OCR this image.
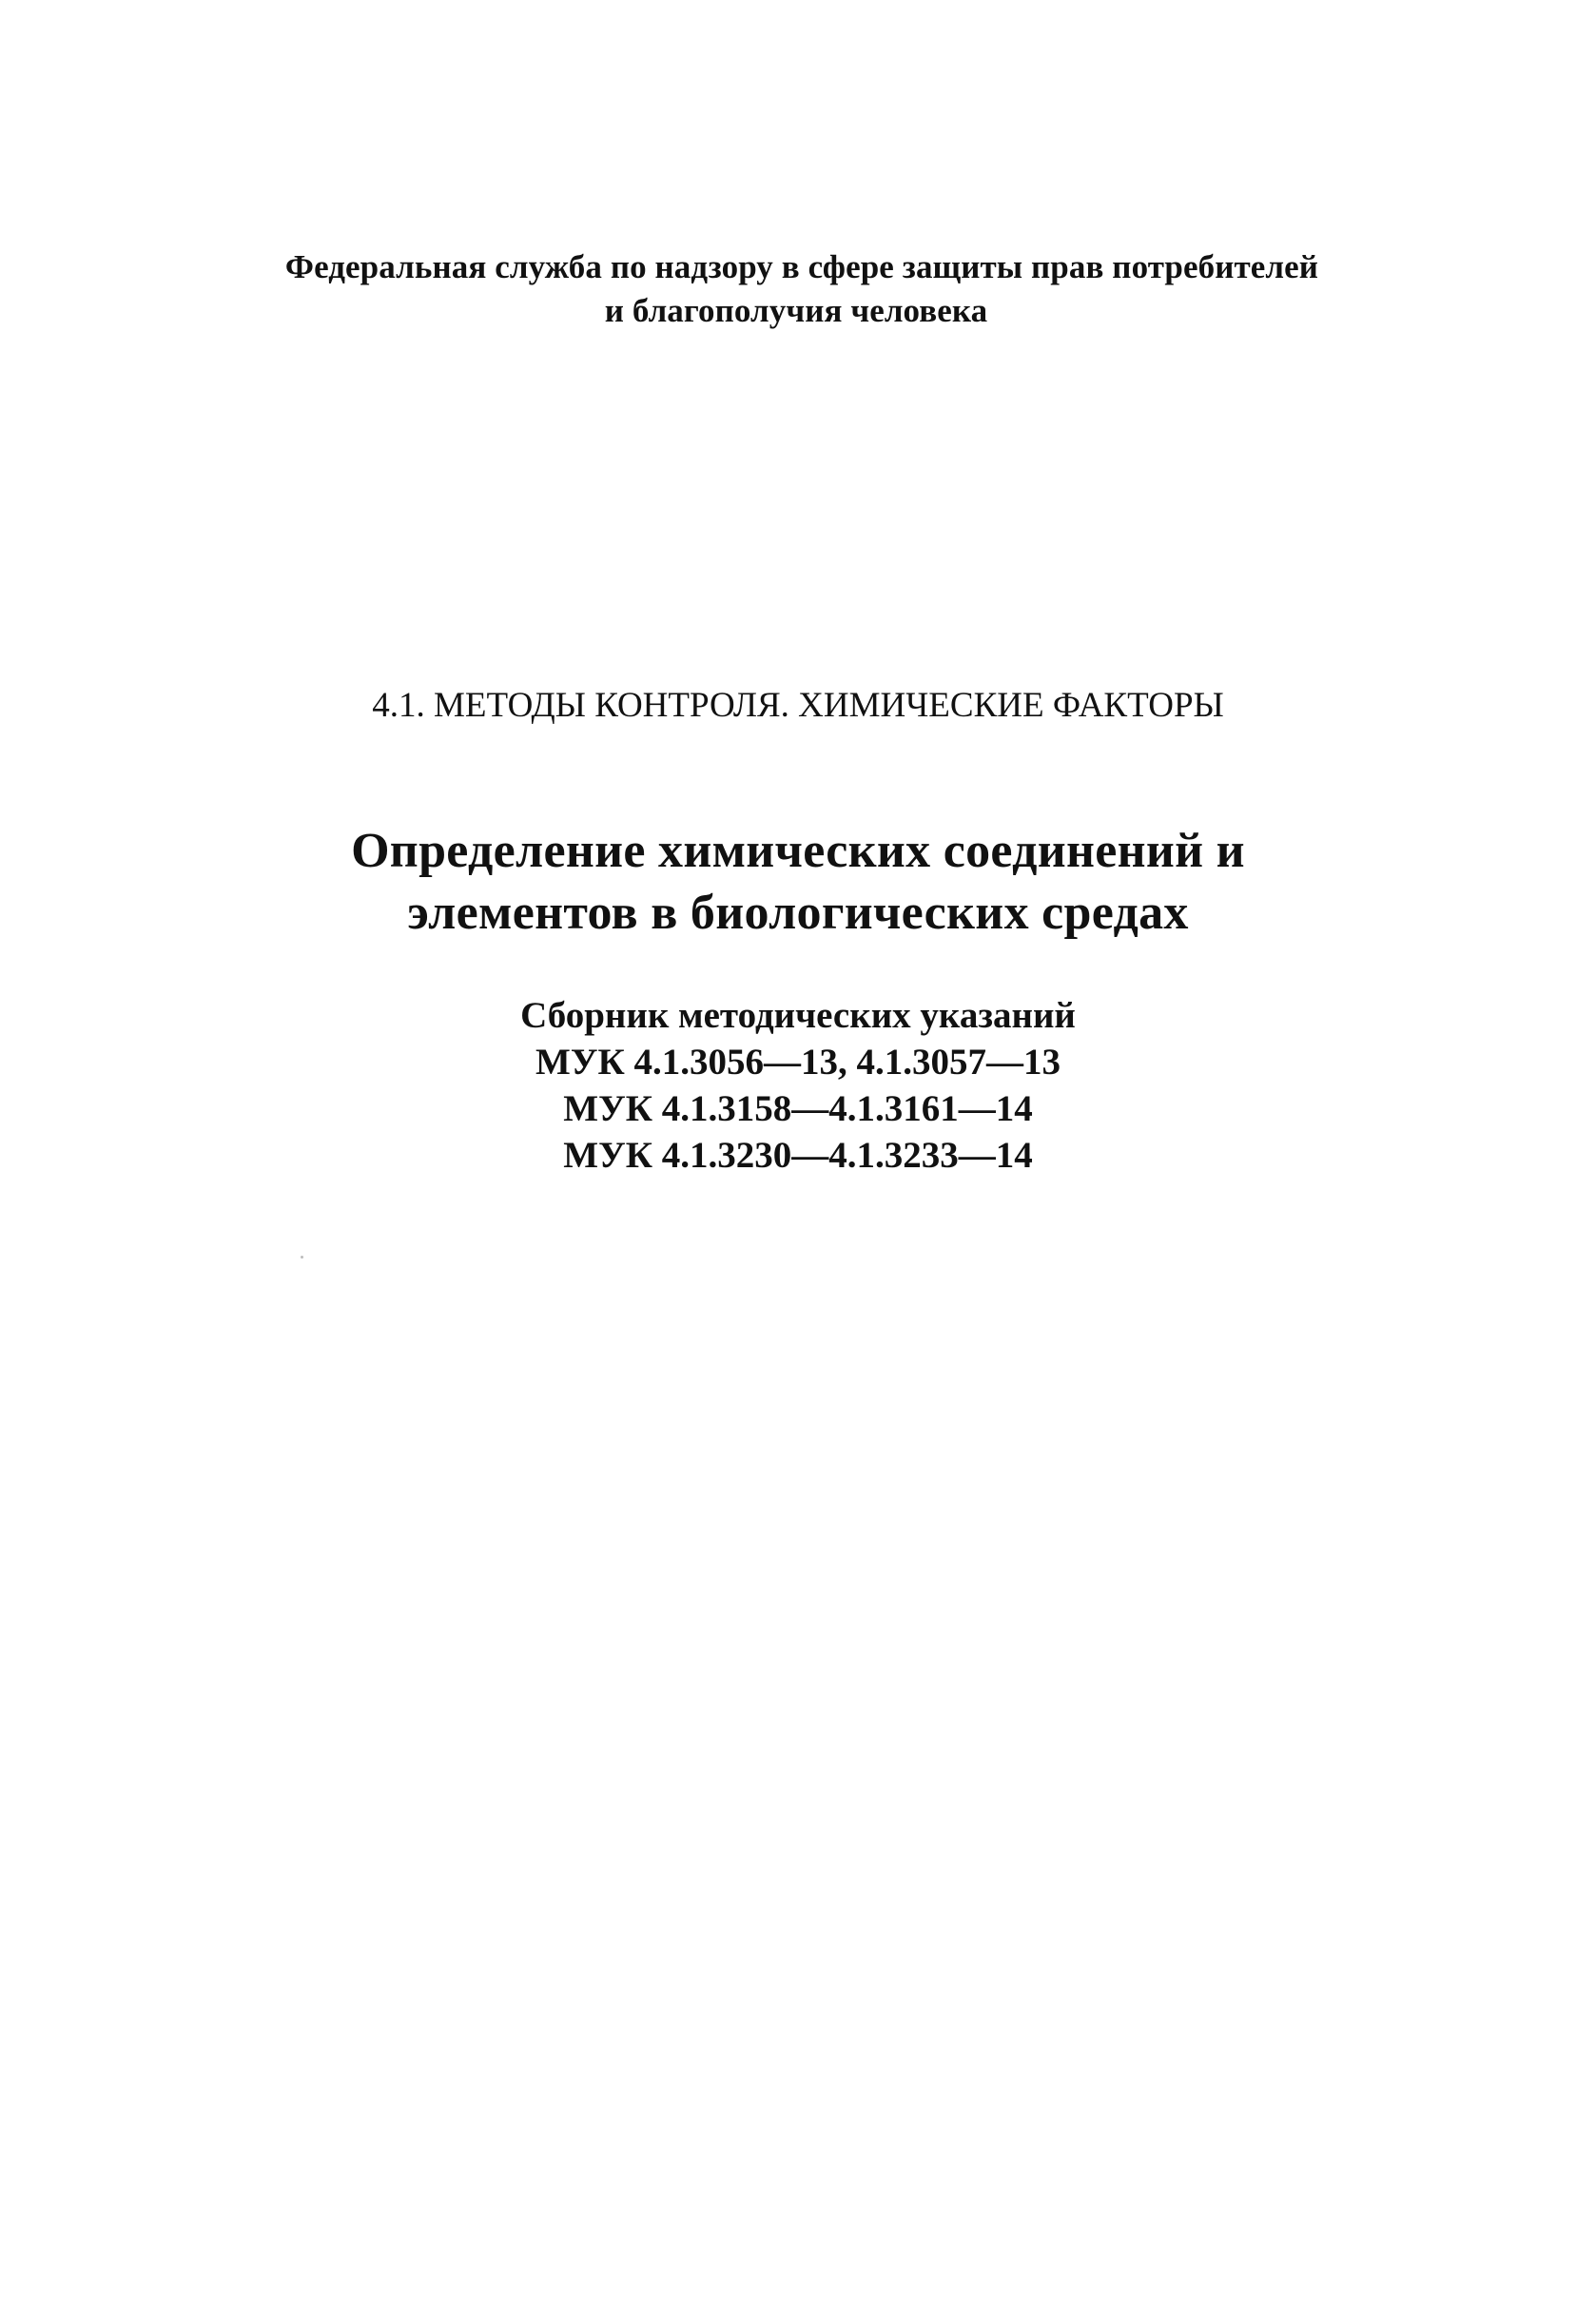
Федеральная служба по надзору в сфере защиты прав потребителей
и благополучия человека
4.1. МЕТОДЫ КОНТРОЛЯ. ХИМИЧЕСКИЕ ФАКТОРЫ
Определение химических соединений и
элементов в биологических средах
Сборник методических указаний
МУК 4.1.3056—13, 4.1.3057—13
МУК 4.1.3158—4.1.3161—14
МУК 4.1.3230—4.1.3233—14
